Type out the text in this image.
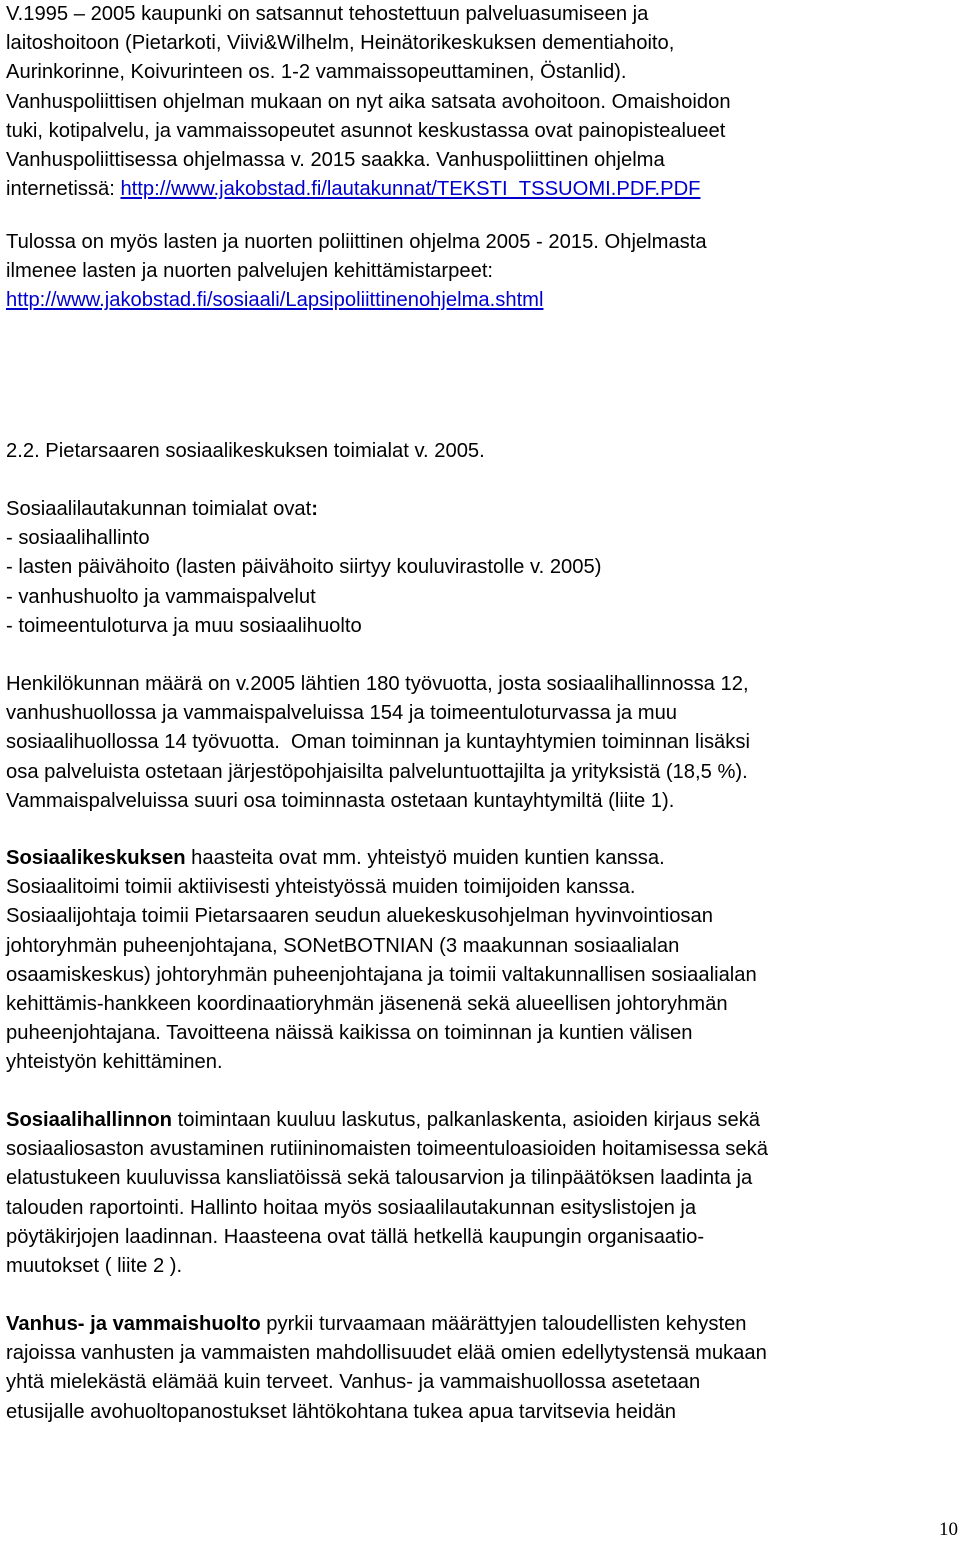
V.1995 – 2005 kaupunki on satsannut tehostettuun palveluasumiseen ja

laitoshoitoon (Pietarkoti, Viivi&Wilhelm, Heinätorikeskuksen dementiahoito,

Aurinkorinne, Koivurinteen os. 1-2 vammaissopeuttaminen, Östanlid).

Vanhuspoliittisen ohjelman mukaan on nyt aika satsata avohoitoon. Omaishoidon

tuki, kotipalvelu, ja vammaissopeutet asunnot keskustassa ovat painopistealueet

Vanhuspoliittisessa ohjelmassa v. 2015 saakka. Vanhuspoliittinen ohjelma

internetissä: http://www.jakobstad.fi/lautakunnat/TEKSTI_TSSUOMI.PDF.PDF

Tulossa on myös lasten ja nuorten poliittinen ohjelma 2005 - 2015. Ohjelmasta

ilmenee lasten ja nuorten palvelujen kehittämistarpeet:

http://www.jakobstad.fi/sosiaali/Lapsipoliittinenohjelma.shtml

2.2. Pietarsaaren sosiaalikeskuksen toimialat v. 2005.

Sosiaalilautakunnan toimialat ovat:

- sosiaalihallinto

- lasten päivähoito (lasten päivähoito siirtyy kouluvirastolle v. 2005)

- vanhushuolto ja vammaispalvelut

- toimeentuloturva ja muu sosiaalihuolto

Henkilökunnan määrä on v.2005 lähtien 180 työvuotta, josta sosiaalihallinnossa 12,

vanhushuollossa ja vammaispalveluissa 154 ja toimeentuloturvassa ja muu

sosiaalihuollossa 14 työvuotta.  Oman toiminnan ja kuntayhtymien toiminnan lisäksi

osa palveluista ostetaan järjestöpohjaisilta palveluntuottajilta ja yrityksistä (18,5 %).

Vammaispalveluissa suuri osa toiminnasta ostetaan kuntayhtymiltä (liite 1).

Sosiaalikeskuksen haasteita ovat mm. yhteistyö muiden kuntien kanssa.

Sosiaalitoimi toimii aktiivisesti yhteistyössä muiden toimijoiden kanssa.

Sosiaalijohtaja toimii Pietarsaaren seudun aluekeskusohjelman hyvinvointiosan

johtoryhmän puheenjohtajana, SONetBOTNIAN (3 maakunnan sosiaalialan

osaamiskeskus) johtoryhmän puheenjohtajana ja toimii valtakunnallisen sosiaalialan

kehittämis-hankkeen koordinaatioryhmän jäsenenä sekä alueellisen johtoryhmän

puheenjohtajana. Tavoitteena näissä kaikissa on toiminnan ja kuntien välisen

yhteistyön kehittäminen.

Sosiaalihallinnon toimintaan kuuluu laskutus, palkanlaskenta, asioiden kirjaus sekä

sosiaaliosaston avustaminen rutiininomaisten toimeentuloasioiden hoitamisessa sekä

elatustukeen kuuluvissa kansliatöissä sekä talousarvion ja tilinpäätöksen laadinta ja

talouden raportointi. Hallinto hoitaa myös sosiaalilautakunnan esityslistojen ja

pöytäkirjojen laadinnan. Haasteena ovat tällä hetkellä kaupungin organisaatio-

muutokset ( liite 2 ).

Vanhus- ja vammaishuolto pyrkii turvaamaan määrättyjen taloudellisten kehysten

rajoissa vanhusten ja vammaisten mahdollisuudet elää omien edellytystensä mukaan

yhtä mielekästä elämää kuin terveet. Vanhus- ja vammaishuollossa asetetaan

etusijalle avohuoltopanostukset lähtökohtana tukea apua tarvitsevia heidän

10
